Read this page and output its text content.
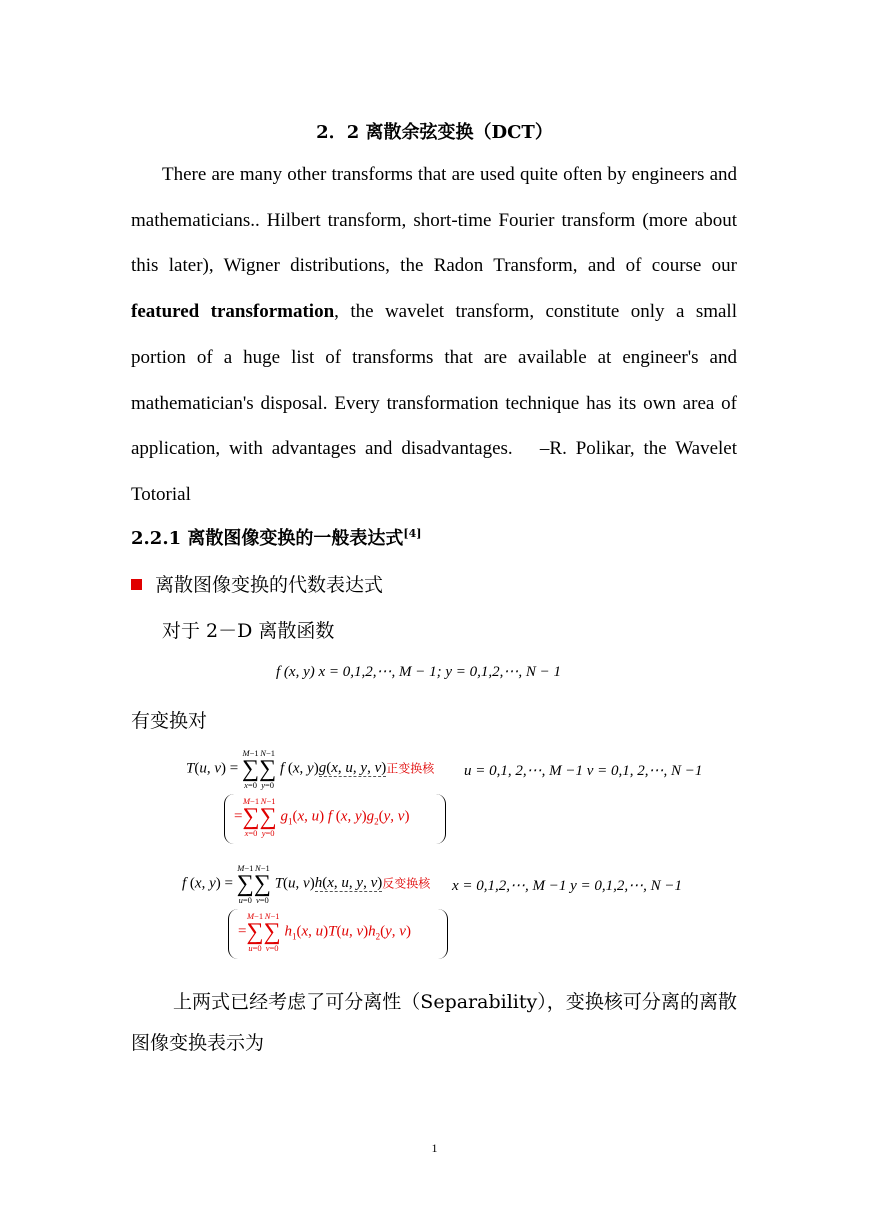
2．2 离散余弦变换（DCT）

There are many other transforms that are used quite often by engineers and mathematicians.. Hilbert transform, short-time Fourier transform (more about this later), Wigner distributions, the Radon Transform, and of course our featured transformation, the wavelet transform, constitute only a small portion of a huge list of transforms that are available at engineer's and mathematician's disposal. Every transformation technique has its own area of application, with advantages and disadvantages.　–R. Polikar, the Wavelet Totorial

2.2.1 离散图像变换的一般表达式[4]
离散图像变换的代数表达式
对于 2－D 离散函数
f (x, y) x = 0,1,2,⋯, M − 1; y = 0,1,2,⋯, N − 1
有变换对
T(u, v) =
M−1
∑
x=0
N−1
∑
y=0
f (x, y)g(x, u, y, v)正变换核 u = 0,1, 2,⋯, M −1 v = 0,1, 2,⋯, N −1
=
M−1
∑
x=0
N−1
∑
y=0
$g_1(x$, u) f (x, $y)g_2(y$, v)
f (x, y) =
M−1
∑
u=0
N−1
∑
v=0
T(u, v)h(x, u, y, v)反变换核 x = 0,1,2,⋯, M −1 y = 0,1,2,⋯, N −1
=
M−1
∑
u=0
N−1
∑
v=0
$h_1(x$, u)T(u, $v)h_2(y$, v)
上两式已经考虑了可分离性（Separability），变换核可分离的离散图像变换表示为
1
